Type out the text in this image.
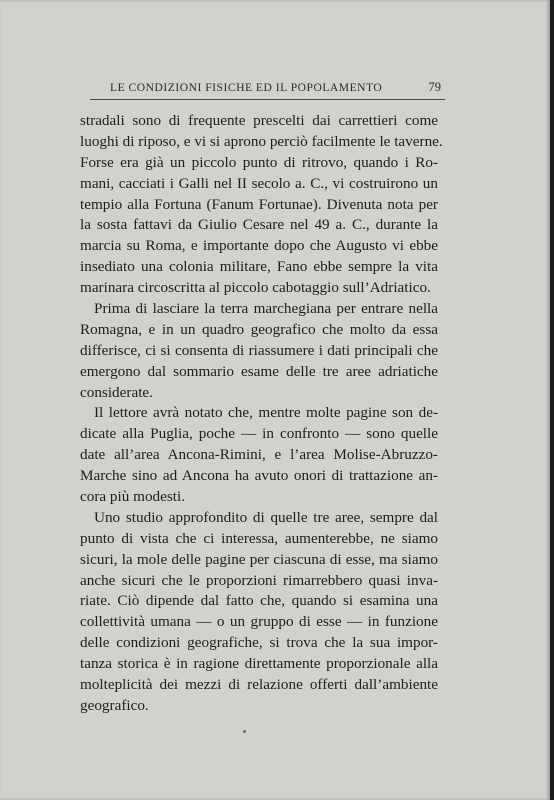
LE CONDIZIONI FISICHE ED IL POPOLAMENTO	79
stradali sono di frequente prescelti dai carrettieri come
luoghi di riposo, e vi si aprono perciò facilmente le taverne.
Forse era già un piccolo punto di ritrovo, quando i Ro-
mani, cacciati i Galli nel II secolo a. C., vi costruirono un
tempio alla Fortuna (Fanum Fortunae). Divenuta nota per
la sosta fattavi da Giulio Cesare nel 49 a. C., durante la
marcia su Roma, e importante dopo che Augusto vi ebbe
insediato una colonia militare, Fano ebbe sempre la vita
marinara circoscritta al piccolo cabotaggio sull’Adriatico.
Prima di lasciare la terra marchegiana per entrare nella
Romagna, e in un quadro geografico che molto da essa
differisce, ci si consenta di riassumere i dati principali che
emergono dal sommario esame delle tre aree adriatiche
considerate.
Il lettore avrà notato che, mentre molte pagine son de-
dicate alla Puglia, poche — in confronto — sono quelle
date all’area Ancona-Rimini, e l’area Molise-Abruzzo-
Marche sino ad Ancona ha avuto onori di trattazione an-
cora più modesti.
Uno studio approfondito di quelle tre aree, sempre dal
punto di vista che ci interessa, aumenterebbe, ne siamo
sicuri, la mole delle pagine per ciascuna di esse, ma siamo
anche sicuri che le proporzioni rimarrebbero quasi inva-
riate. Ciò dipende dal fatto che, quando si esamina una
collettività umana — o un gruppo di esse — in funzione
delle condizioni geografiche, si trova che la sua impor-
tanza storica è in ragione direttamente proporzionale alla
molteplicità dei mezzi di relazione offerti dall’ambiente
geografico.
